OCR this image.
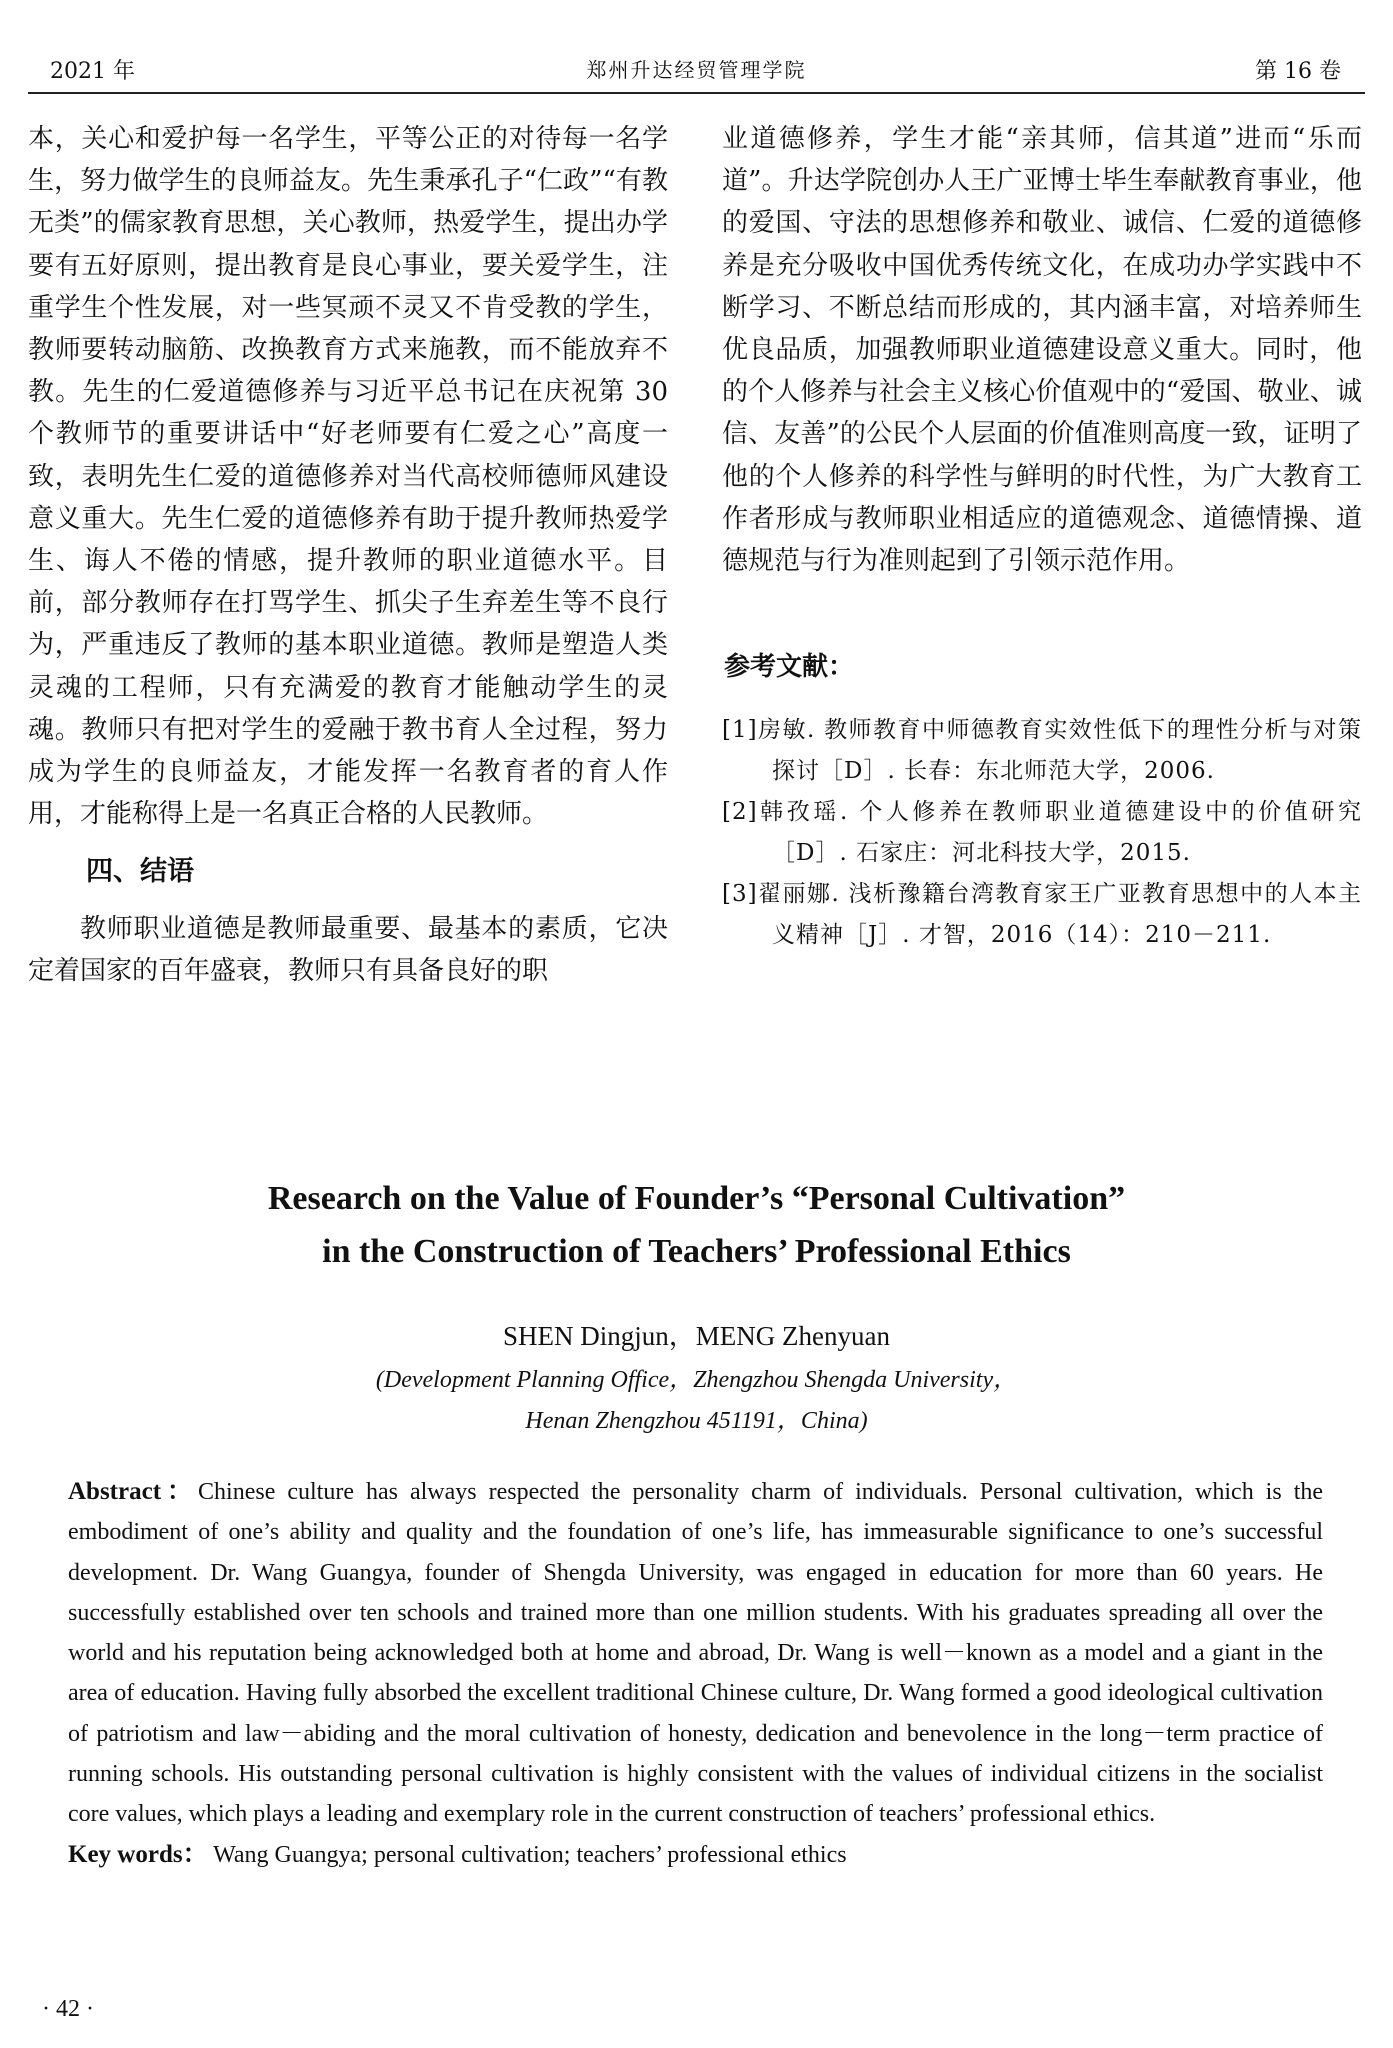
2021 年	郑州升达经贸管理学院	第 16 卷

本，关心和爱护每一名学生，平等公正的对待每一名学生，努力做学生的良师益友。先生秉承孔子“仁政”“有教无类”的儒家教育思想，关心教师，热爱学生，提出办学要有五好原则，提出教育是良心事业，要关爱学生，注重学生个性发展，对一些冥顽不灵又不肯受教的学生，教师要转动脑筋、改换教育方式来施教，而不能放弃不教。先生的仁爱道德修养与习近平总书记在庆祝第 30 个教师节的重要讲话中“好老师要有仁爱之心”高度一致，表明先生仁爱的道德修养对当代高校师德师风建设意义重大。先生仁爱的道德修养有助于提升教师热爱学生、诲人不倦的情感，提升教师的职业道德水平。目前，部分教师存在打骂学生、抓尖子生弃差生等不良行为，严重违反了教师的基本职业道德。教师是塑造人类灵魂的工程师，只有充满爱的教育才能触动学生的灵魂。教师只有把对学生的爱融于教书育人全过程，努力成为学生的良师益友，才能发挥一名教育者的育人作用，才能称得上是一名真正合格的人民教师。

四、结语

教师职业道德是教师最重要、最基本的素质，它决定着国家的百年盛衰，教师只有具备良好的职

业道德修养，学生才能“亲其师，信其道”进而“乐而道”。升达学院创办人王广亚博士毕生奉献教育事业，他的爱国、守法的思想修养和敬业、诚信、仁爱的道德修养是充分吸收中国优秀传统文化，在成功办学实践中不断学习、不断总结而形成的，其内涵丰富，对培养师生优良品质，加强教师职业道德建设意义重大。同时，他的个人修养与社会主义核心价值观中的“爱国、敬业、诚信、友善”的公民个人层面的价值准则高度一致，证明了他的个人修养的科学性与鲜明的时代性，为广大教育工作者形成与教师职业相适应的道德观念、道德情操、道德规范与行为准则起到了引领示范作用。

参考文献：

[1]房敏. 教师教育中师德教育实效性低下的理性分析与对策探讨［D］. 长春：东北师范大学，2006.

[2]韩孜瑶. 个人修养在教师职业道德建设中的价值研究［D］. 石家庄：河北科技大学，2015.

[3]翟丽娜. 浅析豫籍台湾教育家王广亚教育思想中的人本主义精神［J］. 才智，2016（14）：210－211.

Research on the Value of Founder’s “Personal Cultivation”
in the Construction of Teachers’ Professional Ethics
SHEN Dingjun，MENG Zhenyuan
(Development Planning Office，Zhengzhou Shengda University，
Henan Zhengzhou 451191，China)

Abstract：Chinese culture has always respected the personality charm of individuals. Personal cultivation, which is the embodiment of one’s ability and quality and the foundation of one’s life, has immeasurable significance to one’s successful development. Dr. Wang Guangya, founder of Shengda University, was engaged in education for more than 60 years. He successfully established over ten schools and trained more than one million students. With his graduates spreading all over the world and his reputation being acknowledged both at home and abroad, Dr. Wang is well－known as a model and a giant in the area of education. Having fully absorbed the excellent traditional Chinese culture, Dr. Wang formed a good ideological cultivation of patriotism and law－abiding and the moral cultivation of honesty, dedication and benevolence in the long－term practice of running schools. His outstanding personal cultivation is highly consistent with the values of individual citizens in the socialist core values, which plays a leading and exemplary role in the current construction of teachers’ professional ethics.

Key words： Wang Guangya; personal cultivation; teachers’ professional ethics

· 42 ·
